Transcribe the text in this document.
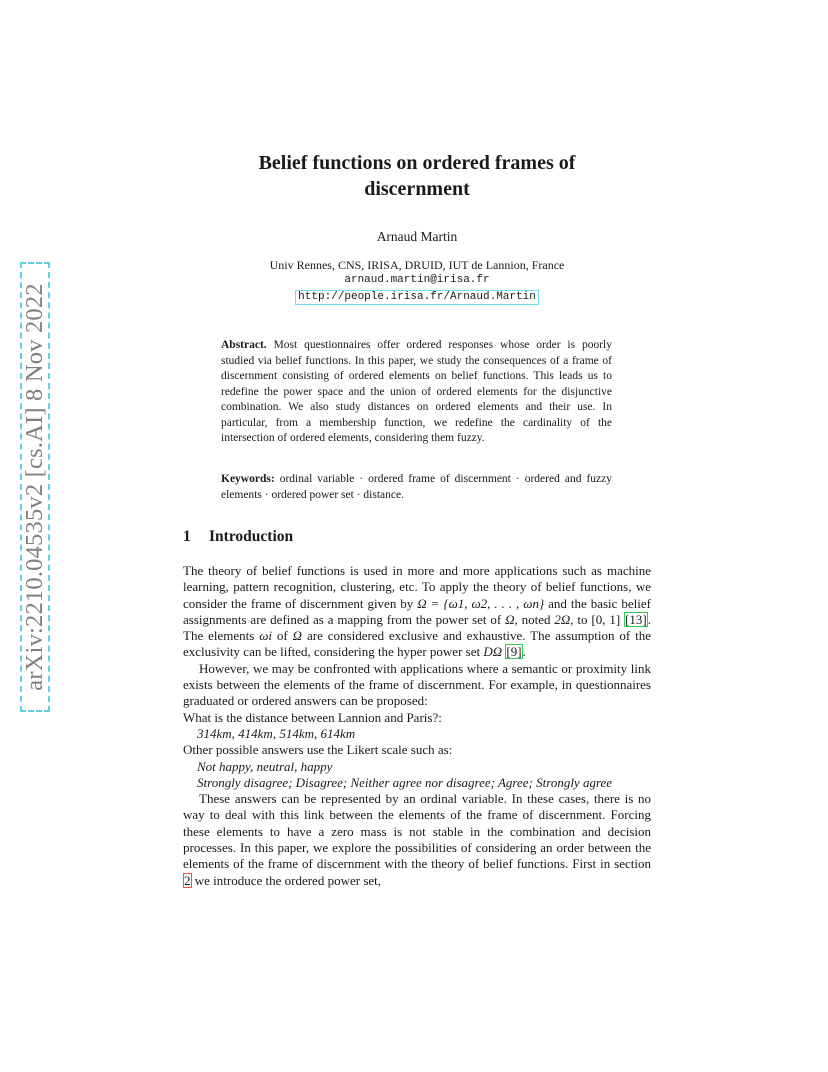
arXiv:2210.04535v2 [cs.AI] 8 Nov 2022
Belief functions on ordered frames of
discernment
Arnaud Martin
Univ Rennes, CNS, IRISA, DRUID, IUT de Lannion, France
arnaud.martin@irisa.fr
http://people.irisa.fr/Arnaud.Martin
Abstract. Most questionnaires offer ordered responses whose order is poorly studied via belief functions. In this paper, we study the consequences of a frame of discernment consisting of ordered elements on belief functions. This leads us to redefine the power space and the union of ordered elements for the disjunctive combination. We also study distances on ordered elements and their use. In particular, from a membership function, we redefine the cardinality of the intersection of ordered elements, considering them fuzzy.
Keywords: ordinal variable · ordered frame of discernment · ordered and fuzzy elements · ordered power set · distance.
1 Introduction

The theory of belief functions is used in more and more applications such as machine learning, pattern recognition, clustering, etc. To apply the theory of belief functions, we consider the frame of discernment given by Ω = {ω1, ω2, . . . , ωn} and the basic belief assignments are defined as a mapping from the power set of Ω, noted 2Ω, to [0, 1] [13]. The elements ωi of Ω are considered exclusive and exhaustive. The assumption of the exclusivity can be lifted, considering the hyper power set DΩ [9].

However, we may be confronted with applications where a semantic or proximity link exists between the elements of the frame of discernment. For example, in questionnaires graduated or ordered answers can be proposed:

What is the distance between Lannion and Paris?:
314km, 414km, 514km, 614km
Other possible answers use the Likert scale such as:
Not happy, neutral, happy
Strongly disagree; Disagree; Neither agree nor disagree; Agree; Strongly agree

These answers can be represented by an ordinal variable. In these cases, there is no way to deal with this link between the elements of the frame of discernment. Forcing these elements to have a zero mass is not stable in the combination and decision processes. In this paper, we explore the possibilities of considering an order between the elements of the frame of discernment with the theory of belief functions. First in section 2 we introduce the ordered power set,
